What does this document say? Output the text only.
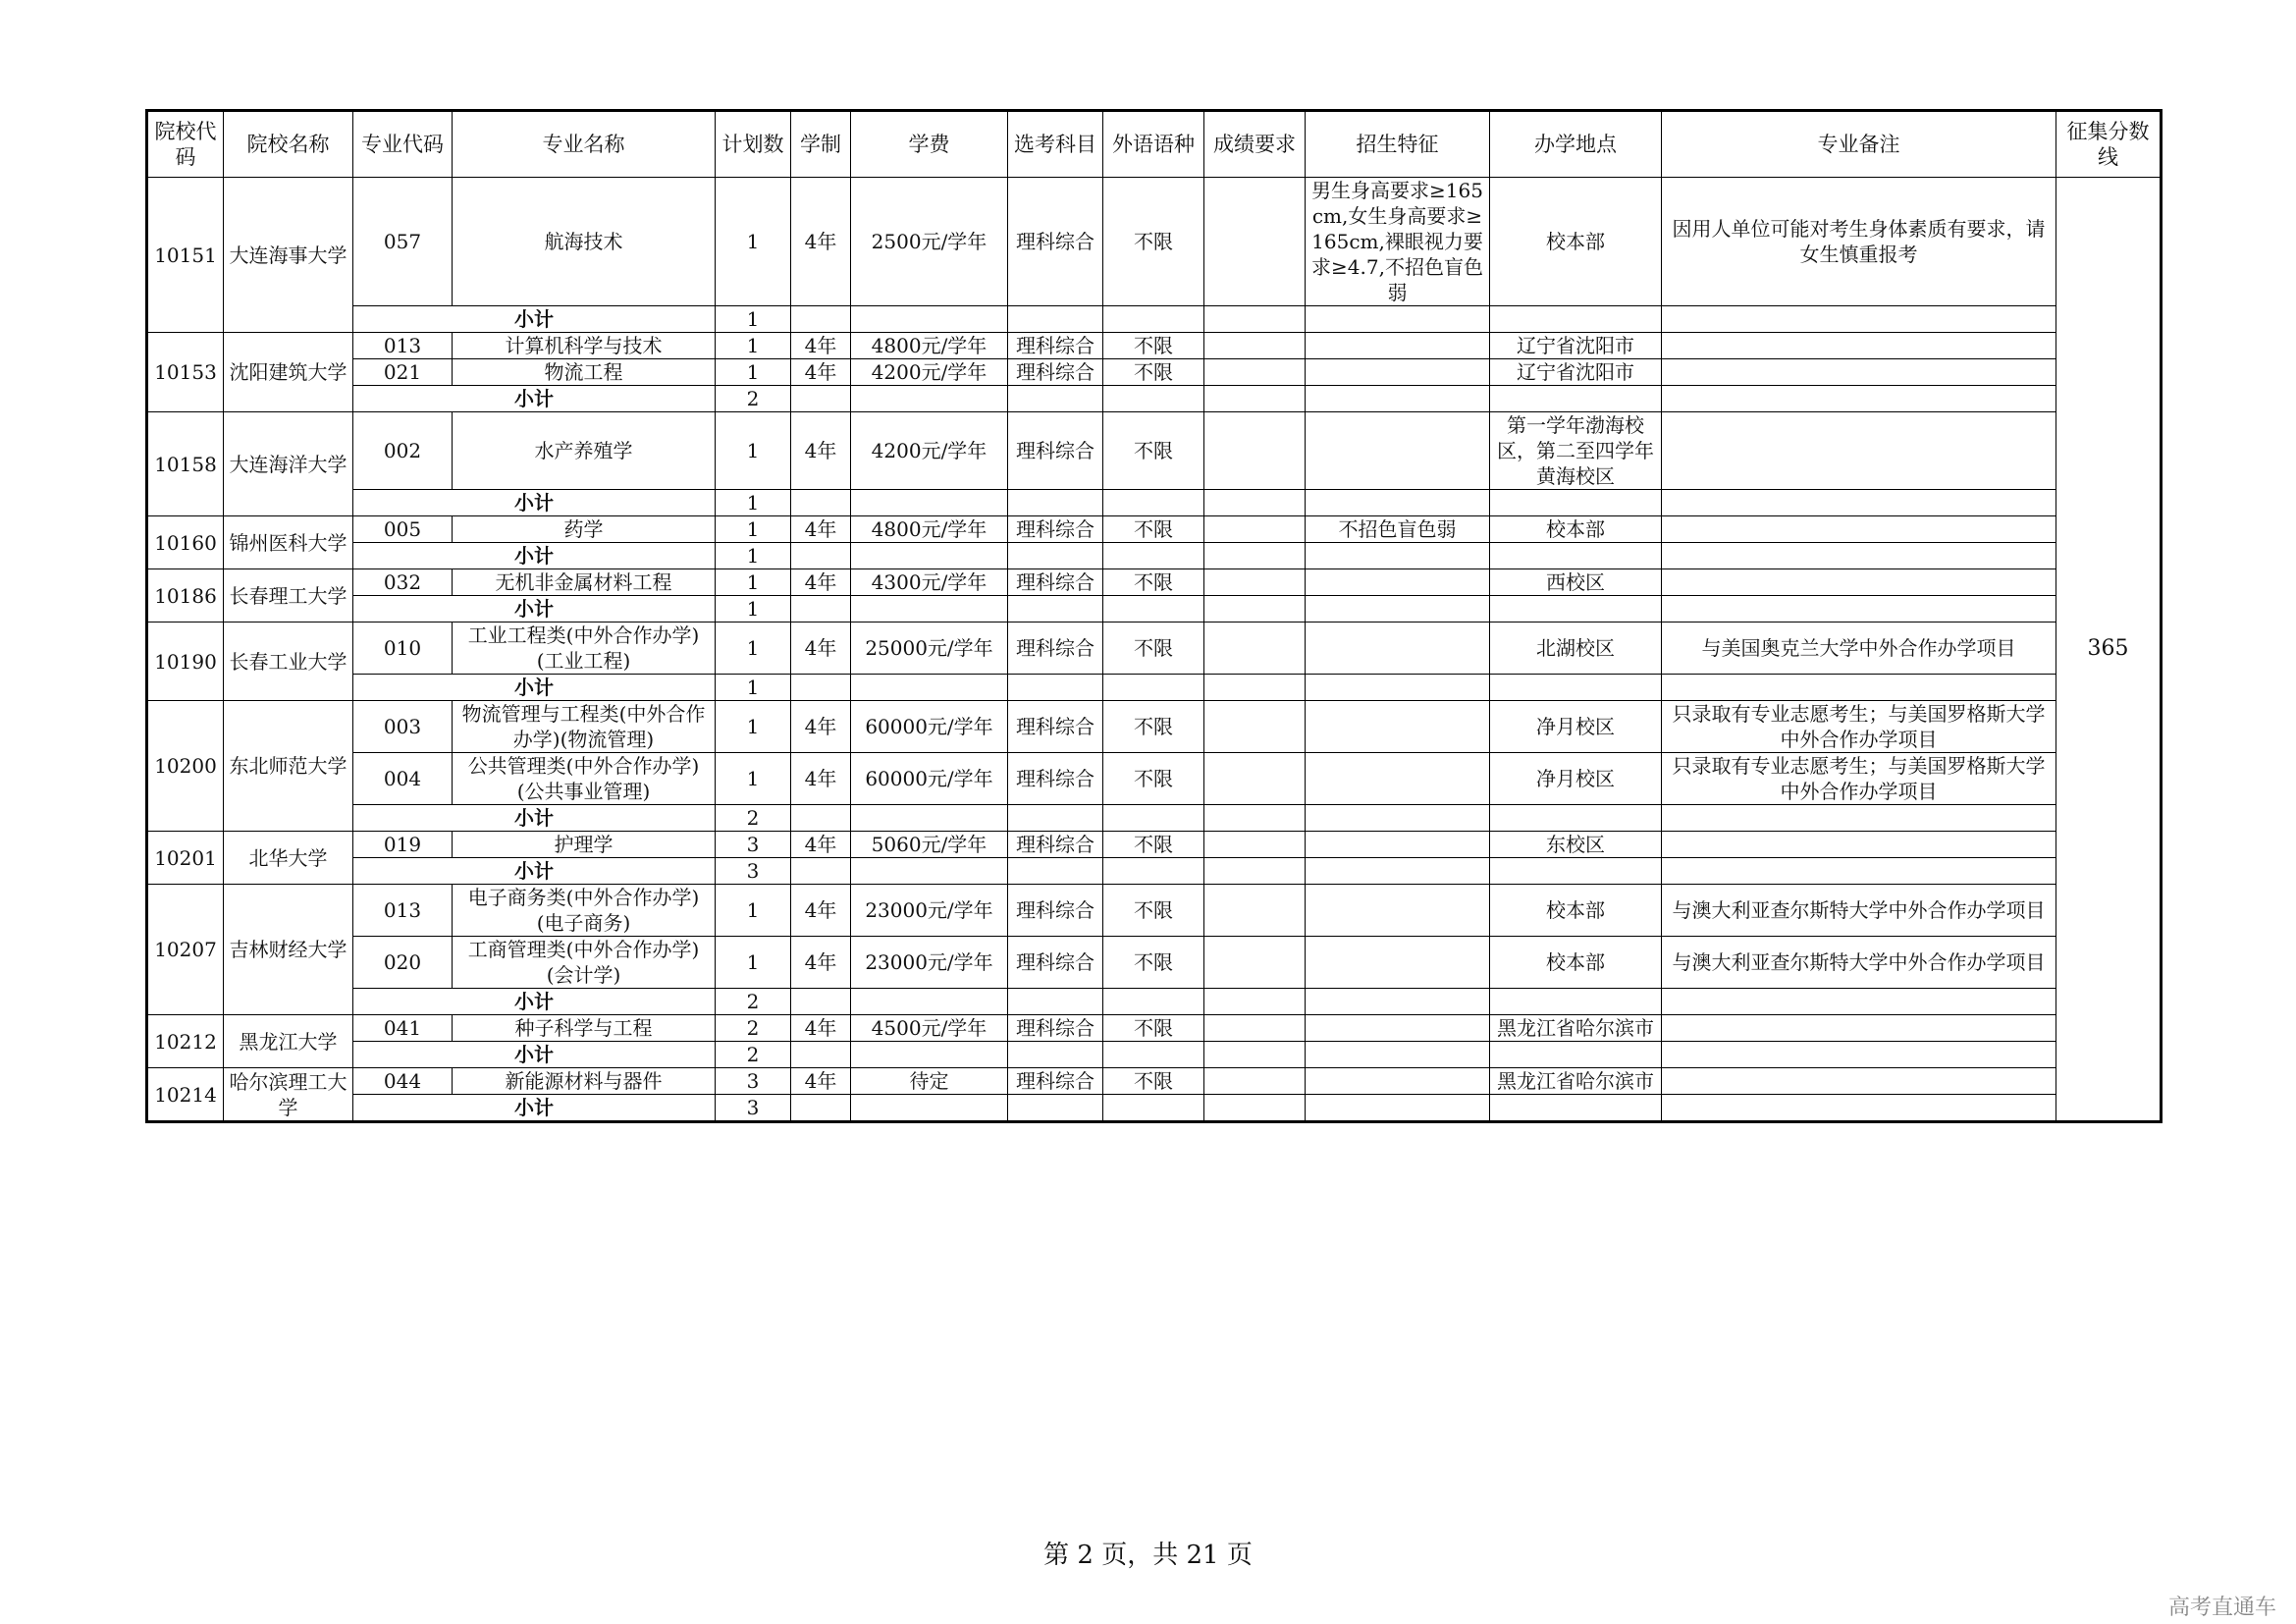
院校代码	院校名称	专业代码	专业名称	计划数	学制	学费	选考科目	外语语种	成绩要求	招生特征	办学地点	专业备注	征集分数线
10151	大连海事大学	057	航海技术	1	4年	2500元/学年	理科综合	不限		男生身高要求≥165cm,女生身高要求≥165cm,裸眼视力要求≥4.7,不招色盲色弱	校本部	因用人单位可能对考生身体素质有要求，请女生慎重报考	365
		小计		1									
10153	沈阳建筑大学	013	计算机科学与技术	1	4年	4800元/学年	理科综合	不限			辽宁省沈阳市		
		021	物流工程	1	4年	4200元/学年	理科综合	不限			辽宁省沈阳市		
		小计		2									
10158	大连海洋大学	002	水产养殖学	1	4年	4200元/学年	理科综合	不限			第一学年渤海校区，第二至四学年黄海校区		
		小计		1									
10160	锦州医科大学	005	药学	1	4年	4800元/学年	理科综合	不限		不招色盲色弱	校本部		
		小计		1									
10186	长春理工大学	032	无机非金属材料工程	1	4年	4300元/学年	理科综合	不限			西校区		
		小计		1									
10190	长春工业大学	010	工业工程类(中外合作办学)(工业工程)	1	4年	25000元/学年	理科综合	不限			北湖校区	与美国奥克兰大学中外合作办学项目	
		小计		1									
10200	东北师范大学	003	物流管理与工程类(中外合作办学)(物流管理)	1	4年	60000元/学年	理科综合	不限			净月校区	只录取有专业志愿考生；与美国罗格斯大学中外合作办学项目	
		004	公共管理类(中外合作办学)(公共事业管理)	1	4年	60000元/学年	理科综合	不限			净月校区	只录取有专业志愿考生；与美国罗格斯大学中外合作办学项目	
		小计		2									
10201	北华大学	019	护理学	3	4年	5060元/学年	理科综合	不限			东校区		
		小计		3									
10207	吉林财经大学	013	电子商务类(中外合作办学)(电子商务)	1	4年	23000元/学年	理科综合	不限			校本部	与澳大利亚查尔斯特大学中外合作办学项目	
		020	工商管理类(中外合作办学)(会计学)	1	4年	23000元/学年	理科综合	不限			校本部	与澳大利亚查尔斯特大学中外合作办学项目	
		小计		2									
10212	黑龙江大学	041	种子科学与工程	2	4年	4500元/学年	理科综合	不限			黑龙江省哈尔滨市		
		小计		2									
10214	哈尔滨理工大学	044	新能源材料与器件	3	4年	待定	理科综合	不限			黑龙江省哈尔滨市		
		小计		3									
第 2 页，共 21 页
高考直通车
